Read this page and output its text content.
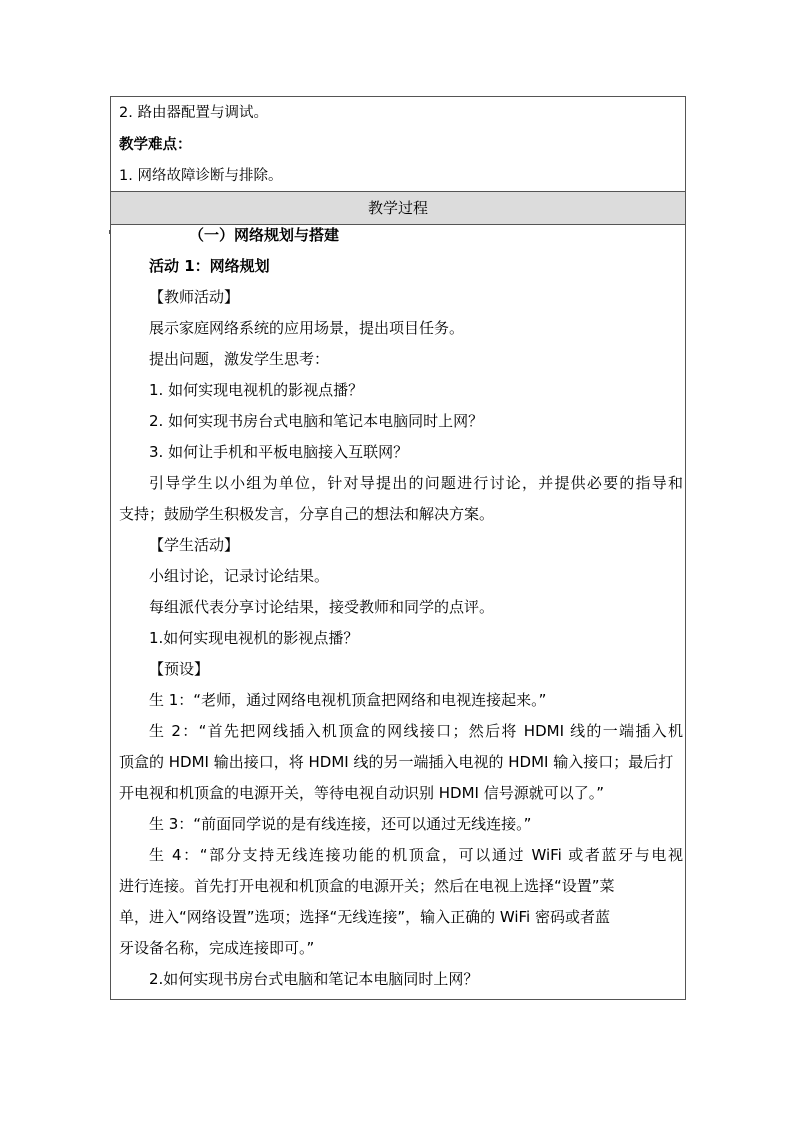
2. 路由器配置与调试。
教学难点：
1. 网络故障诊断与排除。
教学过程
（一）网络规划与搭建
活动 1：网络规划
【教师活动】
展示家庭网络系统的应用场景，提出项目任务。
提出问题，激发学生思考：
1. 如何实现电视机的影视点播？
2. 如何实现书房台式电脑和笔记本电脑同时上网？
3. 如何让手机和平板电脑接入互联网？
引导学生以小组为单位，针对导提出的问题进行讨论，并提供必要的指导和
支持；鼓励学生积极发言，分享自己的想法和解决方案。
【学生活动】
小组讨论，记录讨论结果。
每组派代表分享讨论结果，接受教师和同学的点评。
1.如何实现电视机的影视点播？
【预设】
生 1：“老师，通过网络电视机顶盒把网络和电视连接起来。”
生 2：“首先把网线插入机顶盒的网线接口；然后将 HDMI 线的一端插入机
顶盒的 HDMI 输出接口，将 HDMI 线的另一端插入电视的 HDMI 输入接口；最后打
开电视和机顶盒的电源开关，等待电视自动识别 HDMI 信号源就可以了。”
生 3：“前面同学说的是有线连接，还可以通过无线连接。”
生 4：“部分支持无线连接功能的机顶盒，可以通过 WiFi 或者蓝牙与电视
进行连接。首先打开电视和机顶盒的电源开关；然后在电视上选择“设置”菜
单，进入“网络设置”选项；选择“无线连接”，输入正确的 WiFi 密码或者蓝
牙设备名称，完成连接即可。”
2.如何实现书房台式电脑和笔记本电脑同时上网？
